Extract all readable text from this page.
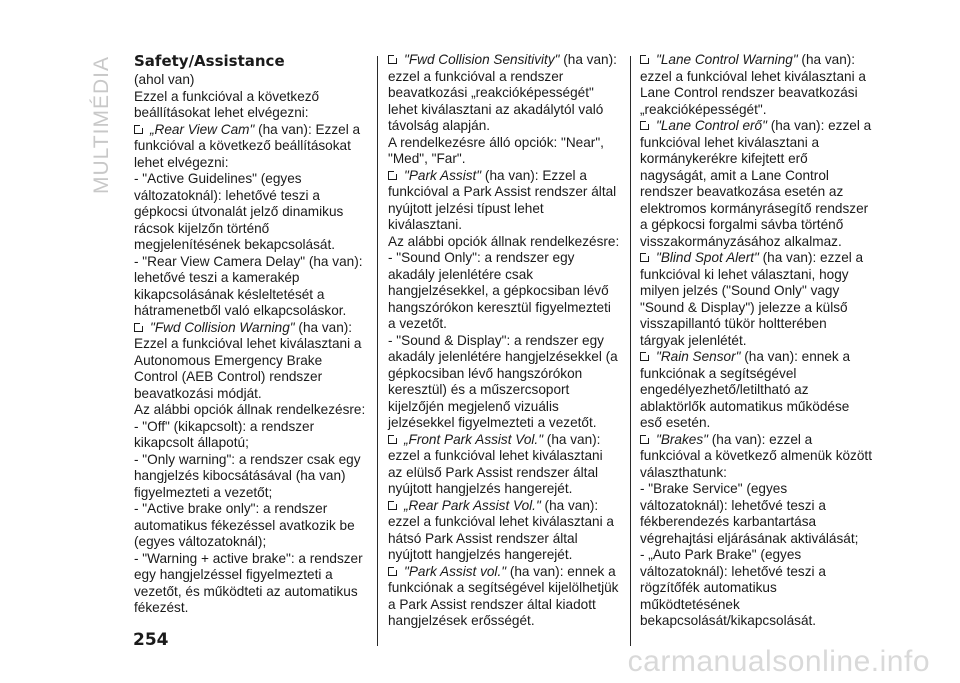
MULTIMÉDIA Safety/Assistance

(ahol van)

Ezzel a funkcióval a következő beállításokat lehet elvégezni:

„Rear View Cam" (ha van): Ezzel a funkcióval a következő beállításokat lehet elvégezni:

- "Active Guidelines" (egyes változatoknál): lehetővé teszi a gépkocsi útvonalát jelző dinamikus rácsok kijelzőn történő megjelenítésének bekapcsolását.
- "Rear View Camera Delay" (ha van): lehetővé teszi a kamerakép kikapcsolásának késleltetését a hátramenetből való elkapcsoláskor.

"Fwd Collision Warning" (ha van): Ezzel a funkcióval lehet kiválasztani a Autonomous Emergency Brake Control (AEB Control) rendszer beavatkozási módját.
Az alábbi opciók állnak rendelkezésre:
- "Off" (kikapcsolt): a rendszer kikapcsolt állapotú;
- "Only warning": a rendszer csak egy hangjelzés kibocsátásával (ha van) figyelmezteti a vezetőt;
- "Active brake only": a rendszer automatikus fékezéssel avatkozik be (egyes változatoknál);
- "Warning + active brake": a rendszer egy hangjelzéssel figyelmezteti a vezetőt, és működteti az automatikus fékezést.

"Fwd Collision Sensitivity" (ha van): ezzel a funkcióval a rendszer beavatkozási „reakcióképességét" lehet kiválasztani az akadálytól való távolság alapján.
A rendelkezésre álló opciók: "Near", "Med", "Far".

"Park Assist" (ha van): Ezzel a funkcióval a Park Assist rendszer által nyújtott jelzési típust lehet kiválasztani.
Az alábbi opciók állnak rendelkezésre:
- "Sound Only": a rendszer egy akadály jelenlétére csak hangjelzésekkel, a gépkocsiban lévő hangszórókon keresztül figyelmezteti a vezetőt.
- "Sound & Display": a rendszer egy akadály jelenlétére hangjelzésekkel (a gépkocsiban lévő hangszórókon keresztül) és a műszercsoport kijelzőjén megjelenő vizuális jelzésekkel figyelmezteti a vezetőt.

„Front Park Assist Vol." (ha van): ezzel a funkcióval lehet kiválasztani az elülső Park Assist rendszer által nyújtott hangjelzés hangerejét.

„Rear Park Assist Vol." (ha van): ezzel a funkcióval lehet kiválasztani a hátsó Park Assist rendszer által nyújtott hangjelzés hangerejét.

"Park Assist vol." (ha van): ennek a funkciónak a segítségével kijelölhetjük a Park Assist rendszer által kiadott hangjelzések erősségét.

"Lane Control Warning" (ha van): ezzel a funkcióval lehet kiválasztani a Lane Control rendszer beavatkozási „reakcióképességét".

"Lane Control erő" (ha van): ezzel a funkcióval lehet kiválasztani a kormánykerékre kifejtett erő nagyságát, amit a Lane Control rendszer beavatkozása esetén az elektromos kormányrásegítő rendszer a gépkocsi forgalmi sávba történő visszakormányzásához alkalmaz.

"Blind Spot Alert" (ha van): ezzel a funkcióval ki lehet választani, hogy milyen jelzés ("Sound Only" vagy "Sound & Display") jelezze a külső visszapillantó tükör holtterében tárgyak jelenlétét.

"Rain Sensor" (ha van): ennek a funkciónak a segítségével engedélyezhető/letiltható az ablaktörlők automatikus működése eső esetén.

"Brakes" (ha van): ezzel a funkcióval a következő almenük között választhatunk:
- "Brake Service" (egyes változatoknál): lehetővé teszi a fékberendezés karbantartása végrehajtási eljárásának aktiválását;
- „Auto Park Brake" (egyes változatoknál): lehetővé teszi a rögzítőfék automatikus működtetésének bekapcsolását/kikapcsolását.

254
carmanualsonline.info
